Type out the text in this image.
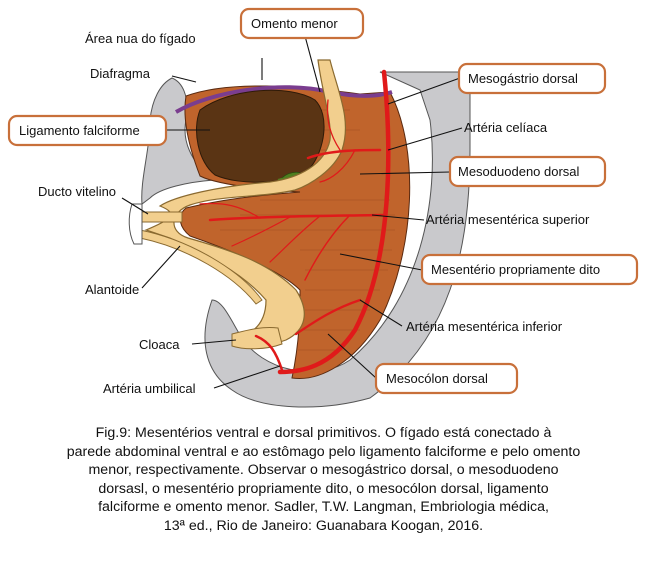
Área nua do fígado
Diafragma
Ducto vitelino
Alantoide
Cloaca
Artéria umbilical
Artéria celíaca
Artéria mesentérica superior
Artéria mesentérica inferior
Omento menor
Ligamento falciforme
Mesogástrio dorsal
Mesoduodeno dorsal
Mesentério propriamente dito
Mesocólon dorsal
Fig.9: Mesentérios ventral e dorsal primitivos. O fígado está conectado à
parede abdominal ventral e ao estômago pelo ligamento falciforme e pelo omento
menor, respectivamente. Observar o mesogástrico dorsal, o mesoduodeno
dorsasl, o mesentério propriamente dito, o mesocólon dorsal, ligamento
falciforme e omento menor. Sadler, T.W. Langman, Embriologia médica,
13ª ed., Rio de Janeiro: Guanabara Koogan, 2016.
